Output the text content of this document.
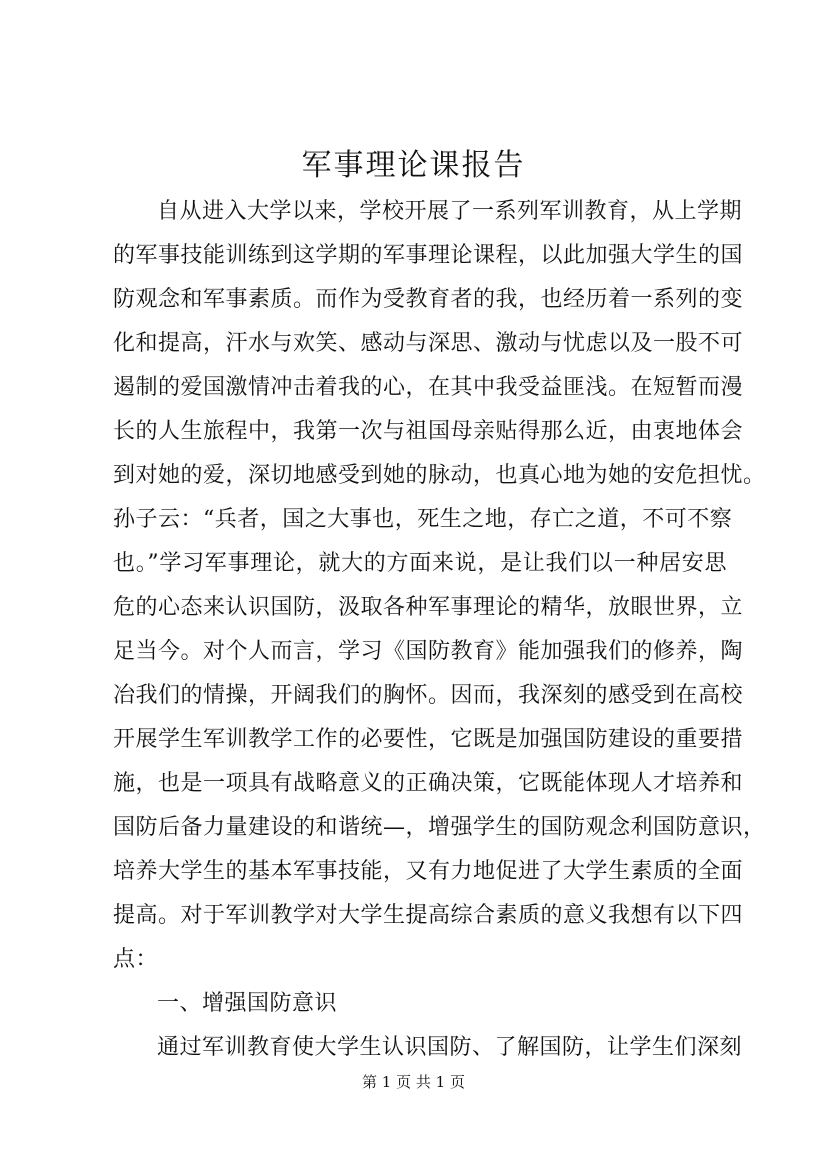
军事理论课报告
自从进入大学以来，学校开展了一系列军训教育，从上学期
的军事技能训练到这学期的军事理论课程，以此加强大学生的国
防观念和军事素质。而作为受教育者的我，也经历着一系列的变
化和提高，汗水与欢笑、感动与深思、激动与忧虑以及一股不可
遏制的爱国激情冲击着我的心，在其中我受益匪浅。在短暂而漫
长的人生旅程中，我第一次与祖国母亲贴得那么近，由衷地体会
到对她的爱，深切地感受到她的脉动，也真心地为她的安危担忧。
孙子云：“兵者，国之大事也，死生之地，存亡之道，不可不察
也。”学习军事理论，就大的方面来说，是让我们以一种居安思
危的心态来认识国防，汲取各种军事理论的精华，放眼世界，立
足当今。对个人而言，学习《国防教育》能加强我们的修养，陶
冶我们的情操，开阔我们的胸怀。因而，我深刻的感受到在高校
开展学生军训教学工作的必要性，它既是加强国防建设的重要措
施，也是一项具有战略意义的正确决策，它既能体现人才培养和
国防后备力量建设的和谐统—，增强学生的国防观念利国防意识，
培养大学生的基本军事技能，又有力地促进了大学生素质的全面
提高。对于军训教学对大学生提高综合素质的意义我想有以下四
点：
一、增强国防意识
通过军训教育使大学生认识国防、了解国防，让学生们深刻
第 1 页 共 1 页
